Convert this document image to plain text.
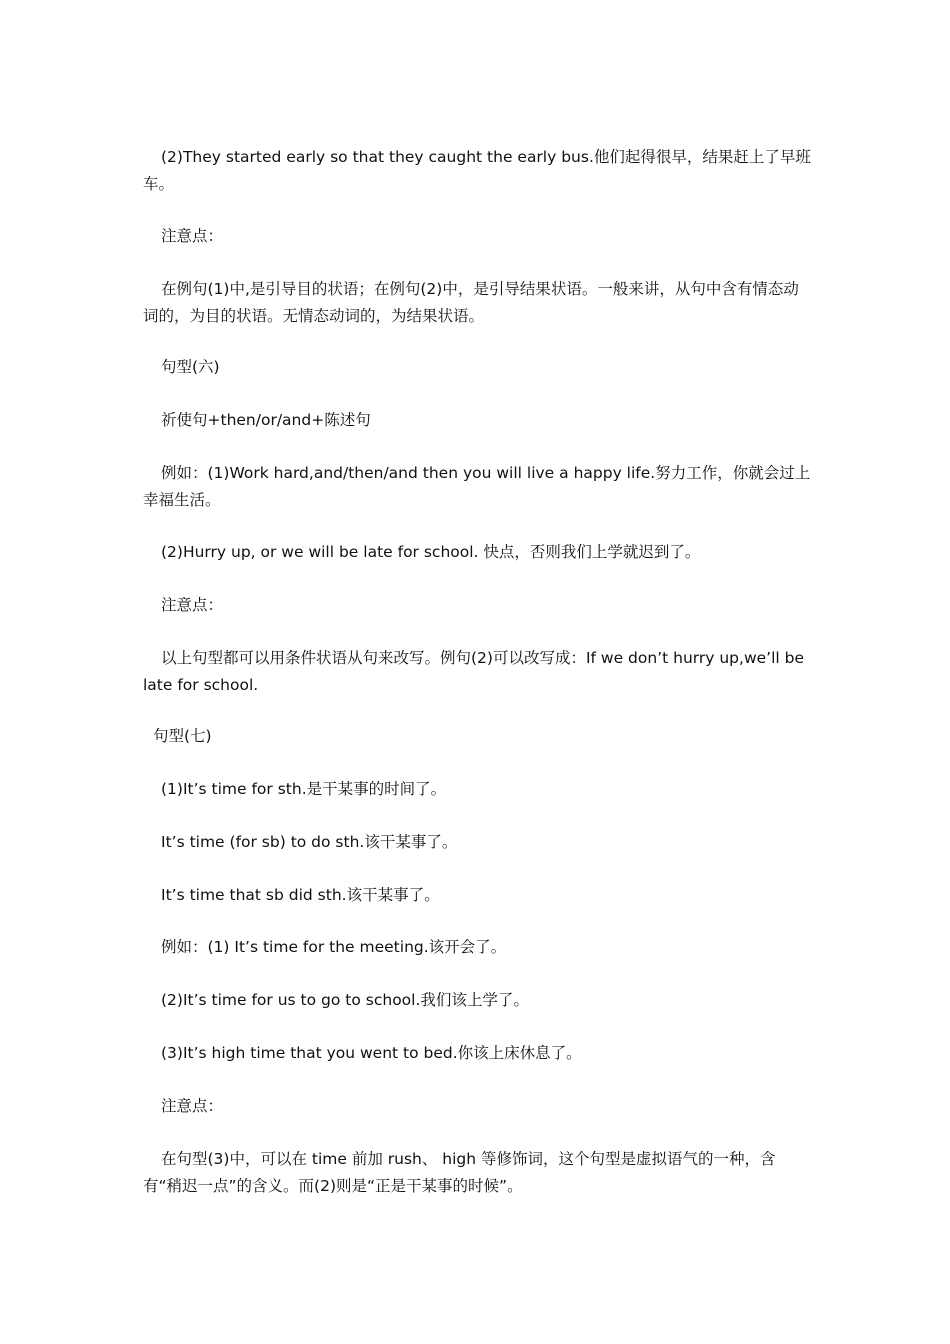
(2)They started early so that they caught the early bus.他们起得很早，结果赶上了早班车。

注意点：

在例句(1)中,是引导目的状语；在例句(2)中，是引导结果状语。一般来讲，从句中含有情态动词的，为目的状语。无情态动词的，为结果状语。

句型(六)

祈使句+then/or/and+陈述句

例如：(1)Work hard,and/then/and then you will live a happy life.努力工作，你就会过上幸福生活。

(2)Hurry up, or we will be late for school. 快点，否则我们上学就迟到了。

注意点：

以上句型都可以用条件状语从句来改写。例句(2)可以改写成：If we don’t hurry up,we’ll be late for school.

句型(七)

(1)It’s time for sth.是干某事的时间了。

It’s time (for sb) to do sth.该干某事了。

It’s time that sb did sth.该干某事了。

例如：(1) It’s time for the meeting.该开会了。

(2)It’s time for us to go to school.我们该上学了。

(3)It’s high time that you went to bed.你该上床休息了。

注意点：

在句型(3)中，可以在 time 前加 rush、 high 等修饰词，这个句型是虚拟语气的一种，含有“稍迟一点”的含义。而(2)则是“正是干某事的时候”。
